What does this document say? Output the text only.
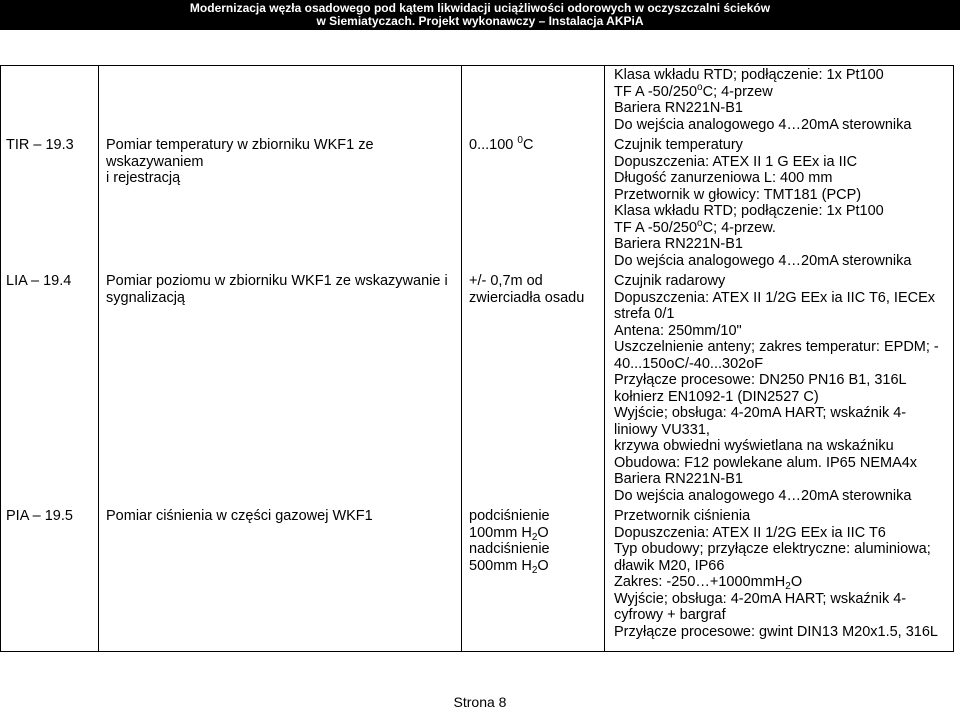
Modernizacja węzła osadowego pod kątem likwidacji uciążliwości odorowych w oczyszczalni ścieków
w Siemiatyczach. Projekt wykonawczy – Instalacja AKPiA
Klasa wkładu RTD; podłączenie: 1x Pt100
TF A -50/250$^o$C; 4-przew
Bariera RN221N-B1
Do wejścia analogowego 4…20mA sterownika
TIR – 19.3 Pomiar temperatury w zbiorniku WKF1 ze
wskazywaniem
i rejestracją
0...100 $^0$C	Czujnik temperatury
Dopuszczenia: ATEX II 1 G EEx ia IIC
Długość zanurzeniowa L: 400 mm
Przetwornik w głowicy: TMT181 (PCP)
Klasa wkładu RTD; podłączenie: 1x Pt100
TF A -50/250$^o$C; 4-przew.
Bariera RN221N-B1
Do wejścia analogowego 4…20mA sterownika
LIA – 19.4 Pomiar poziomu w zbiorniku WKF1 ze wskazywanie i
sygnalizacją
+/- 0,7m od
zwierciadła osadu
Czujnik radarowy
Dopuszczenia: ATEX II 1/2G EEx ia IIC T6, IECEx
strefa 0/1
Antena: 250mm/10"
Uszczelnienie anteny; zakres temperatur: EPDM; -
40...150oC/-40...302oF
Przyłącze procesowe: DN250 PN16 B1, 316L
kołnierz EN1092-1 (DIN2527 C)
Wyjście; obsługa: 4-20mA HART; wskaźnik 4-
liniowy VU331,
krzywa obwiedni wyświetlana na wskaźniku
Obudowa: F12 powlekane alum. IP65 NEMA4x
Bariera RN221N-B1
Do wejścia analogowego 4…20mA sterownika
PIA – 19.5 Pomiar ciśnienia w części gazowej WKF1	podciśnienie
100mm $H_2O$
nadciśnienie
500mm $H_2O$
Przetwornik ciśnienia
Dopuszczenia: ATEX II 1/2G EEx ia IIC T6
Typ obudowy; przyłącze elektryczne: aluminiowa;
dławik M20, IP66
Zakres: -250…+1000mmH$_2$O
Wyjście; obsługa: 4-20mA HART; wskaźnik 4-
cyfrowy + bargraf
Przyłącze procesowe: gwint DIN13 M20x1.5, 316L
Strona 8
